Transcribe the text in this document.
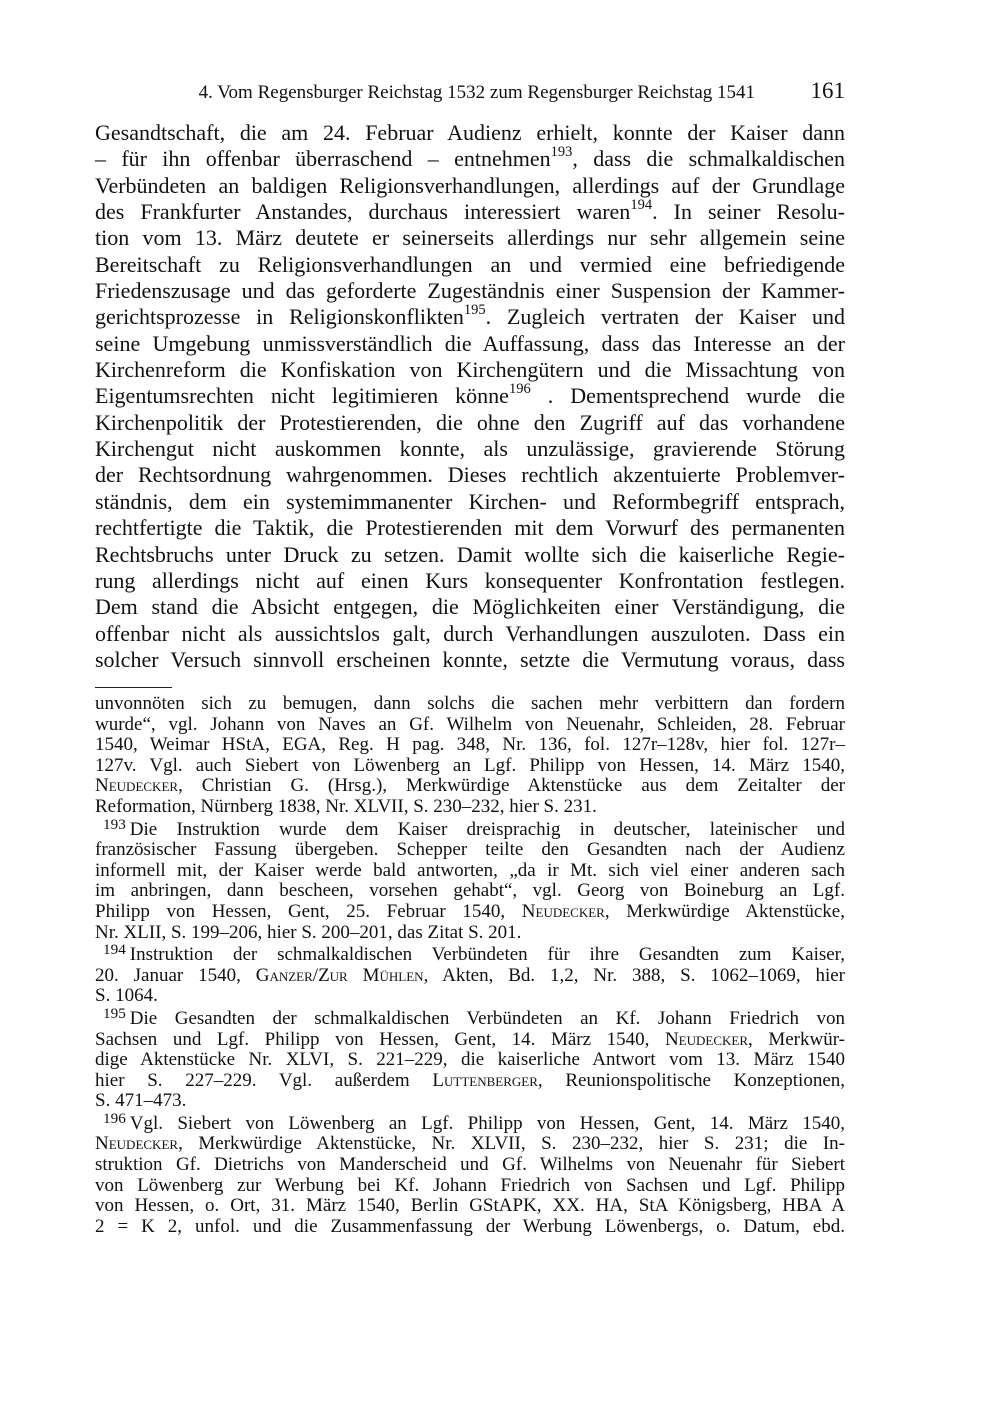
4. Vom Regensburger Reichstag 1532 zum Regensburger Reichstag 1541 161
Gesandtschaft, die am 24. Februar Audienz erhielt, konnte der Kaiser dann
– für ihn offenbar überraschend – entnehmen$^{193}$, dass die schmalkaldischen
Verbündeten an baldigen Religionsverhandlungen, allerdings auf der Grundlage
des Frankfurter Anstandes, durchaus interessiert waren$^{194}$. In seiner Resolu-
tion vom 13. März deutete er seinerseits allerdings nur sehr allgemein seine
Bereitschaft zu Religionsverhandlungen an und vermied eine befriedigende
Friedenszusage und das geforderte Zugeständnis einer Suspension der Kammer-
gerichtsprozesse in Religionskonflikten$^{195}$. Zugleich vertraten der Kaiser und
seine Umgebung unmissverständlich die Auffassung, dass das Interesse an der
Kirchenreform die Konfiskation von Kirchengütern und die Missachtung von
Eigentumsrechten nicht legitimieren könne$^{196}$ . Dementsprechend wurde die
Kirchenpolitik der Protestierenden, die ohne den Zugriff auf das vorhandene
Kirchengut nicht auskommen konnte, als unzulässige, gravierende Störung
der Rechtsordnung wahrgenommen. Dieses rechtlich akzentuierte Problemver-
ständnis, dem ein systemimmanenter Kirchen- und Reformbegriff entsprach,
rechtfertigte die Taktik, die Protestierenden mit dem Vorwurf des permanenten
Rechtsbruchs unter Druck zu setzen. Damit wollte sich die kaiserliche Regie-
rung allerdings nicht auf einen Kurs konsequenter Konfrontation festlegen.
Dem stand die Absicht entgegen, die Möglichkeiten einer Verständigung, die
offenbar nicht als aussichtslos galt, durch Verhandlungen auszuloten. Dass ein
solcher Versuch sinnvoll erscheinen konnte, setzte die Vermutung voraus, dass
unvonnöten sich zu bemugen, dann solchs die sachen mehr verbittern dan fordern
wurde“, vgl. Johann von Naves an Gf. Wilhelm von Neuenahr, Schleiden, 28. Februar
1540, Weimar HStA, EGA, Reg. H pag. 348, Nr. 136, fol. 127r–128v, hier fol. 127r–
127v. Vgl. auch Siebert von Löwenberg an Lgf. Philipp von Hessen, 14. März 1540,
Neudecker, Christian G. (Hrsg.), Merkwürdige Aktenstücke aus dem Zeitalter der
Reformation, Nürnberg 1838, Nr. XLVII, S. 230–232, hier S. 231.
$^{193}$ Die Instruktion wurde dem Kaiser dreisprachig in deutscher, lateinischer und
französischer Fassung übergeben. Schepper teilte den Gesandten nach der Audienz
informell mit, der Kaiser werde bald antworten, „da ir Mt. sich viel einer anderen sach
im anbringen, dann bescheen, vorsehen gehabt“, vgl. Georg von Boineburg an Lgf.
Philipp von Hessen, Gent, 25. Februar 1540, Neudecker, Merkwürdige Aktenstücke,
Nr. XLII, S. 199–206, hier S. 200–201, das Zitat S. 201.
$^{194}$ Instruktion der schmalkaldischen Verbündeten für ihre Gesandten zum Kaiser,
20. Januar 1540, Ganzer/Zur Mühlen, Akten, Bd. 1,2, Nr. 388, S. 1062–1069, hier
S. 1064.
$^{195}$ Die Gesandten der schmalkaldischen Verbündeten an Kf. Johann Friedrich von
Sachsen und Lgf. Philipp von Hessen, Gent, 14. März 1540, Neudecker, Merkwür-
dige Aktenstücke Nr. XLVI, S. 221–229, die kaiserliche Antwort vom 13. März 1540
hier S. 227–229. Vgl. außerdem Luttenberger, Reunionspolitische Konzeptionen,
S. 471–473.
$^{196}$ Vgl. Siebert von Löwenberg an Lgf. Philipp von Hessen, Gent, 14. März 1540,
Neudecker, Merkwürdige Aktenstücke, Nr. XLVII, S. 230–232, hier S. 231; die In-
struktion Gf. Dietrichs von Manderscheid und Gf. Wilhelms von Neuenahr für Siebert
von Löwenberg zur Werbung bei Kf. Johann Friedrich von Sachsen und Lgf. Philipp
von Hessen, o. Ort, 31. März 1540, Berlin GStAPK, XX. HA, StA Königsberg, HBA A
2 = K 2, unfol. und die Zusammenfassung der Werbung Löwenbergs, o. Datum, ebd.
